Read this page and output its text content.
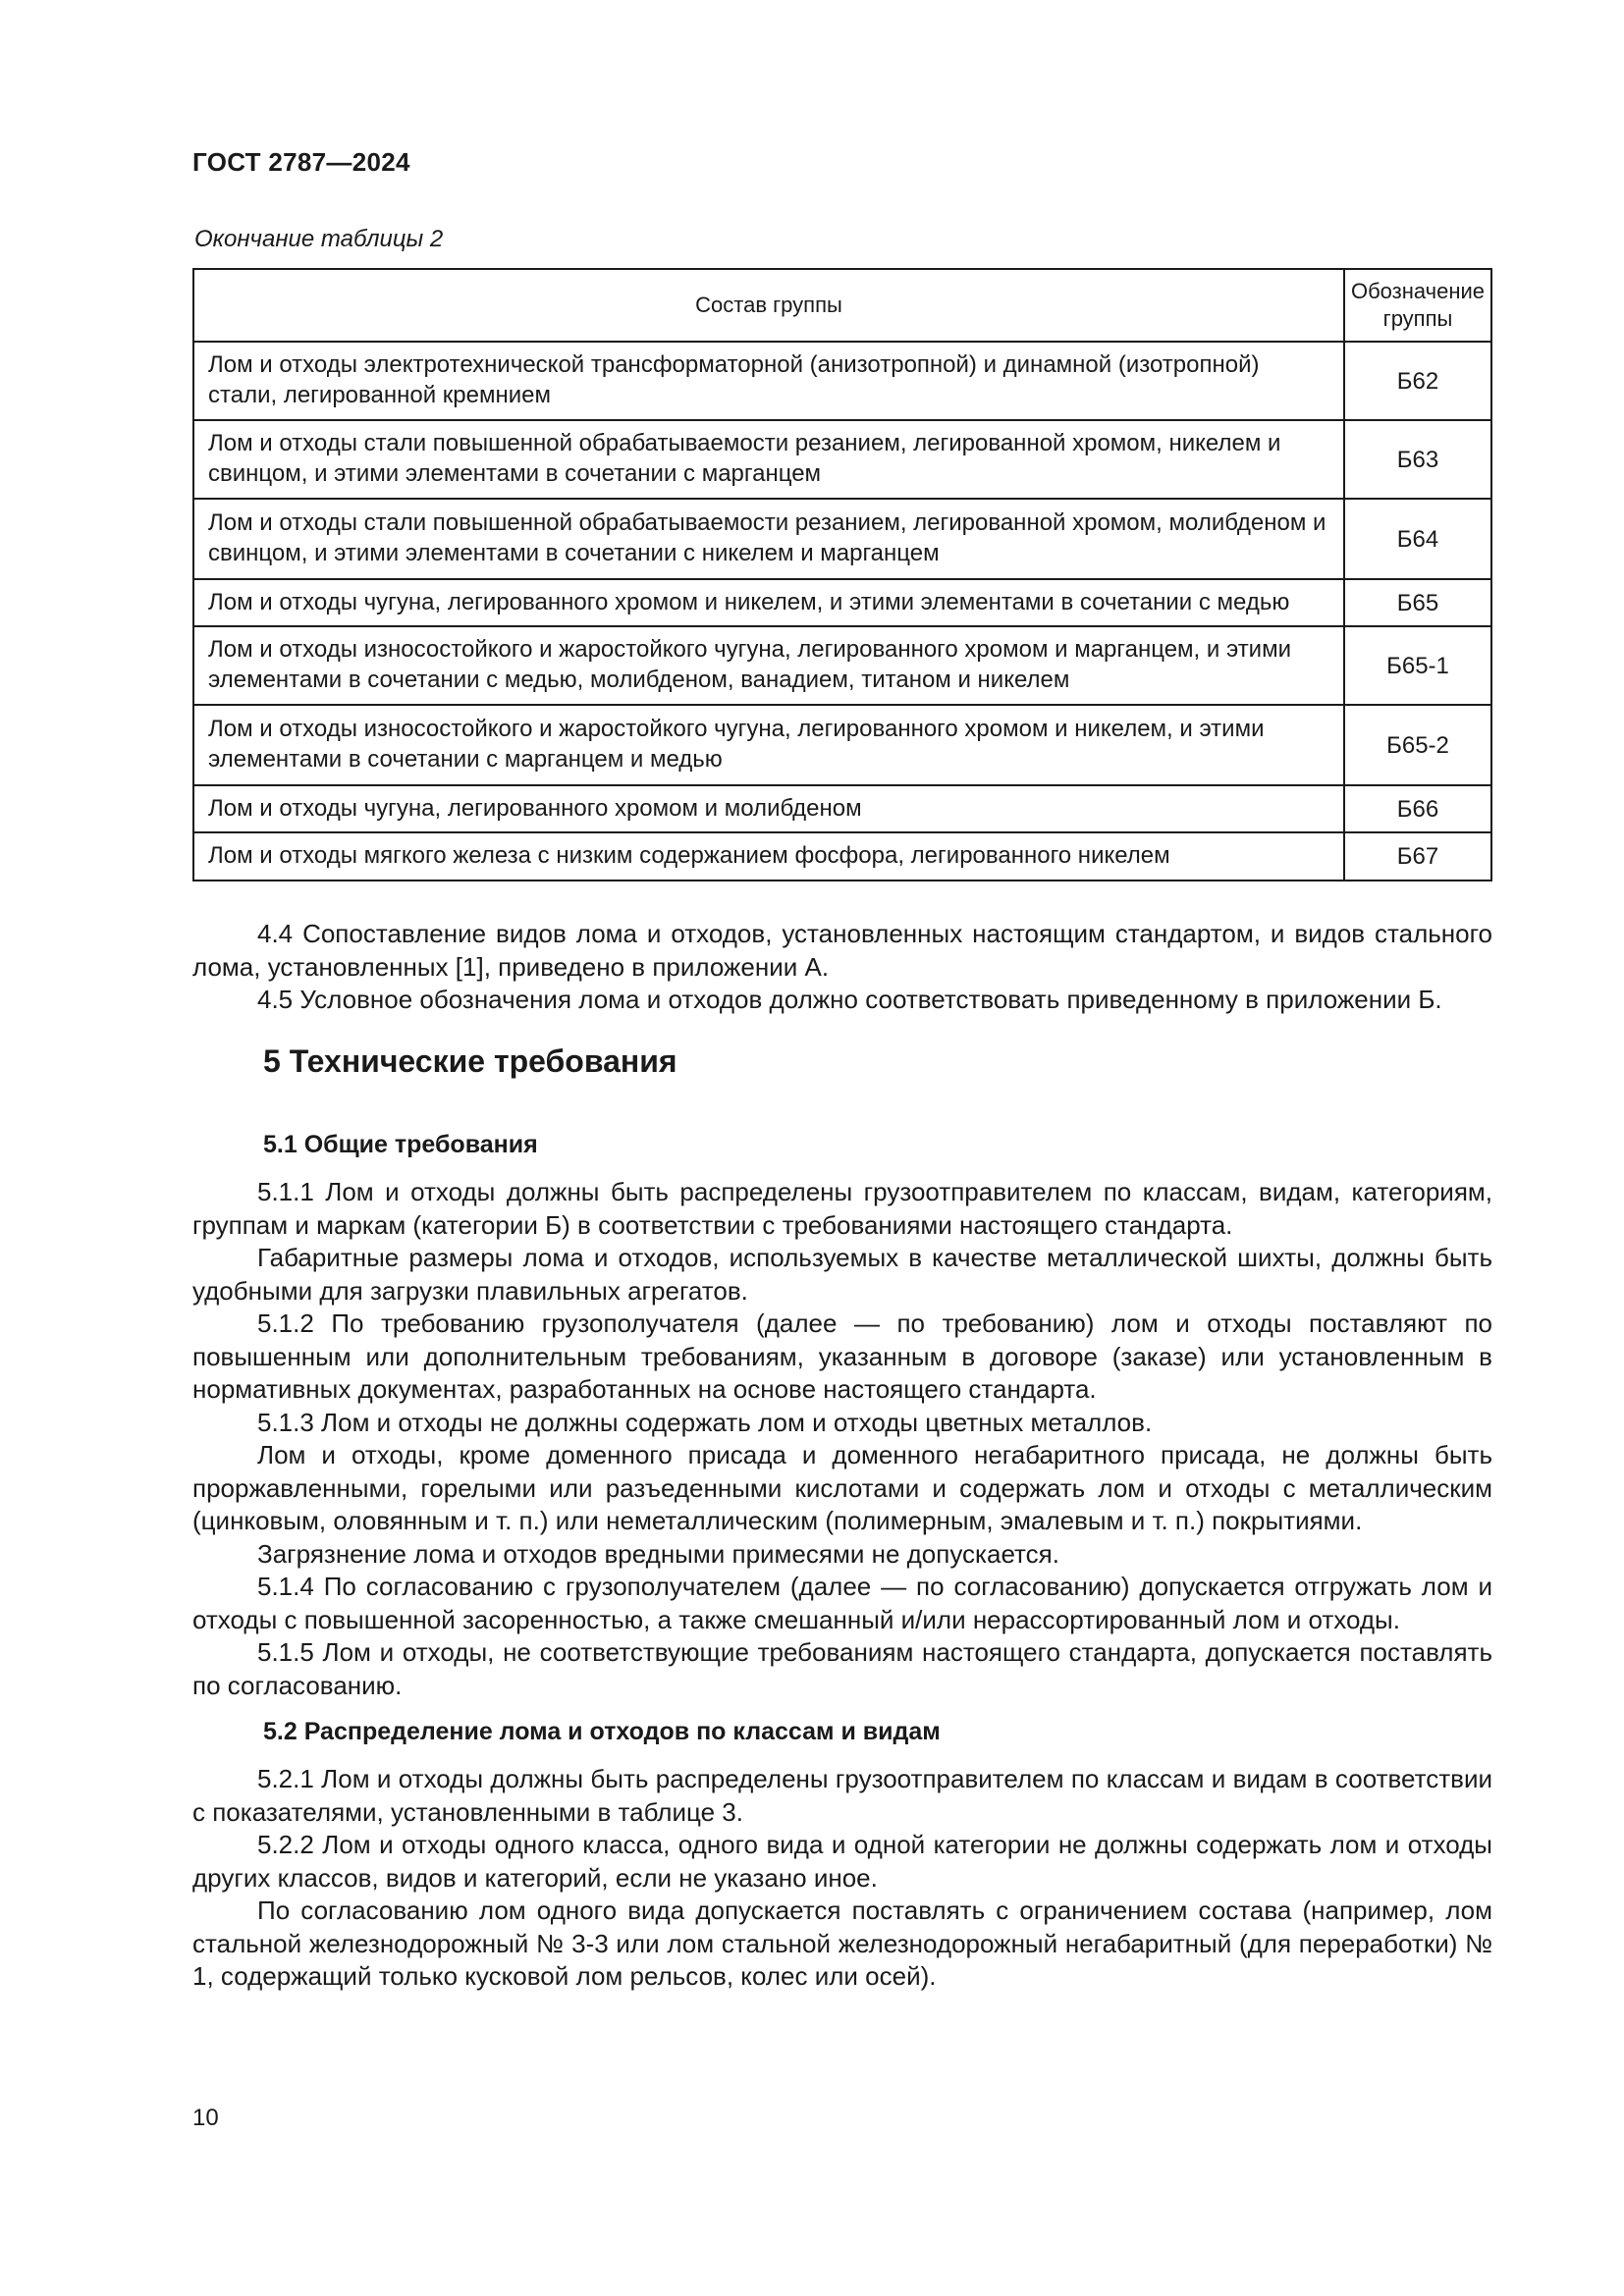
ГОСТ 2787—2024
Окончание таблицы 2
Состав группы	Обозначение группы
Лом и отходы электротехнической трансформаторной (анизотропной) и динамной (изотропной) стали, легированной кремнием	Б62
Лом и отходы стали повышенной обрабатываемости резанием, легированной хромом, никелем и свинцом, и этими элементами в сочетании с марганцем	Б63
Лом и отходы стали повышенной обрабатываемости резанием, легированной хромом, молибденом и свинцом, и этими элементами в сочетании с никелем и марганцем	Б64
Лом и отходы чугуна, легированного хромом и никелем, и этими элементами в сочетании с медью	Б65
Лом и отходы износостойкого и жаростойкого чугуна, легированного хромом и марганцем, и этими элементами в сочетании с медью, молибденом, ванадием, титаном и никелем	Б65-1
Лом и отходы износостойкого и жаростойкого чугуна, легированного хромом и никелем, и этими элементами в сочетании с марганцем и медью	Б65-2
Лом и отходы чугуна, легированного хромом и молибденом	Б66
Лом и отходы мягкого железа с низким содержанием фосфора, легированного никелем	Б67

4.4 Сопоставление видов лома и отходов, установленных настоящим стандартом, и видов стального лома, установленных [1], приведено в приложении А.

4.5 Условное обозначения лома и отходов должно соответствовать приведенному в приложении Б.

5 Технические требования
5.1 Общие требования

5.1.1 Лом и отходы должны быть распределены грузоотправителем по классам, видам, категориям, группам и маркам (категории Б) в соответствии с требованиями настоящего стандарта.

Габаритные размеры лома и отходов, используемых в качестве металлической шихты, должны быть удобными для загрузки плавильных агрегатов.

5.1.2 По требованию грузополучателя (далее — по требованию) лом и отходы поставляют по повышенным или дополнительным требованиям, указанным в договоре (заказе) или установленным в нормативных документах, разработанных на основе настоящего стандарта.

5.1.3 Лом и отходы не должны содержать лом и отходы цветных металлов.

Лом и отходы, кроме доменного присада и доменного негабаритного присада, не должны быть проржавленными, горелыми или разъеденными кислотами и содержать лом и отходы с металлическим (цинковым, оловянным и т. п.) или неметаллическим (полимерным, эмалевым и т. п.) покрытиями.

Загрязнение лома и отходов вредными примесями не допускается.

5.1.4 По согласованию с грузополучателем (далее — по согласованию) допускается отгружать лом и отходы с повышенной засоренностью, а также смешанный и/или нерассортированный лом и отходы.

5.1.5 Лом и отходы, не соответствующие требованиям настоящего стандарта, допускается поставлять по согласованию.

5.2 Распределение лома и отходов по классам и видам

5.2.1 Лом и отходы должны быть распределены грузоотправителем по классам и видам в соответствии с показателями, установленными в таблице 3.

5.2.2 Лом и отходы одного класса, одного вида и одной категории не должны содержать лом и отходы других классов, видов и категорий, если не указано иное.

По согласованию лом одного вида допускается поставлять с ограничением состава (например, лом стальной железнодорожный № 3-3 или лом стальной железнодорожный негабаритный (для переработки) № 1, содержащий только кусковой лом рельсов, колес или осей).

10
